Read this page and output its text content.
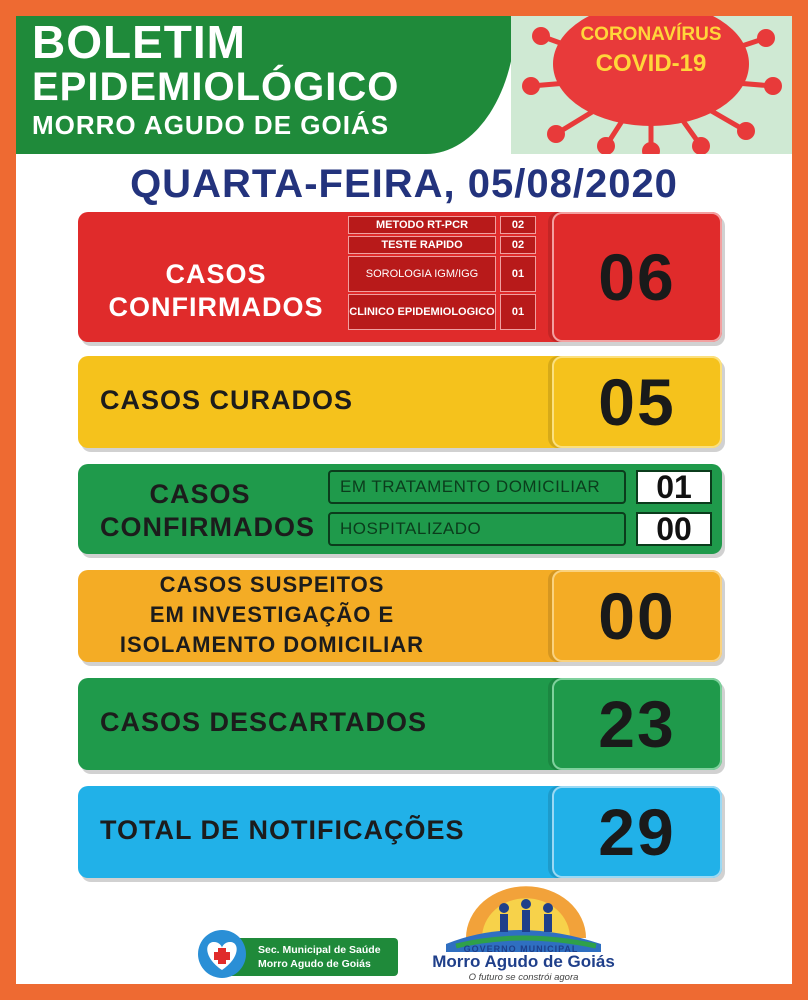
BOLETIM
EPIDEMIOLÓGICO
MORRO AGUDO DE GOIÁS
CORONAVÍRUS
COVID-19
QUARTA-FEIRA, 05/08/2020
CASOS
CONFIRMADOS
METODO RT-PCR	02
TESTE RAPIDO	02
SOROLOGIA IGM/IGG	01
CLINICO EPIDEMIOLOGICO	01	06
CASOS CURADOS	05
CASOS
CONFIRMADOS
EM TRATAMENTO DOMICILIAR	01
HOSPITALIZADO	00
CASOS SUSPEITOS
EM INVESTIGAÇÃO E
ISOLAMENTO DOMICILIAR	00
CASOS DESCARTADOS	23
TOTAL DE NOTIFICAÇÕES	29
Sec. Municipal de Saúde
Morro Agudo de Goiás
GOVERNO MUNICIPAL
Morro Agudo de Goiás
O futuro se constrói agora
